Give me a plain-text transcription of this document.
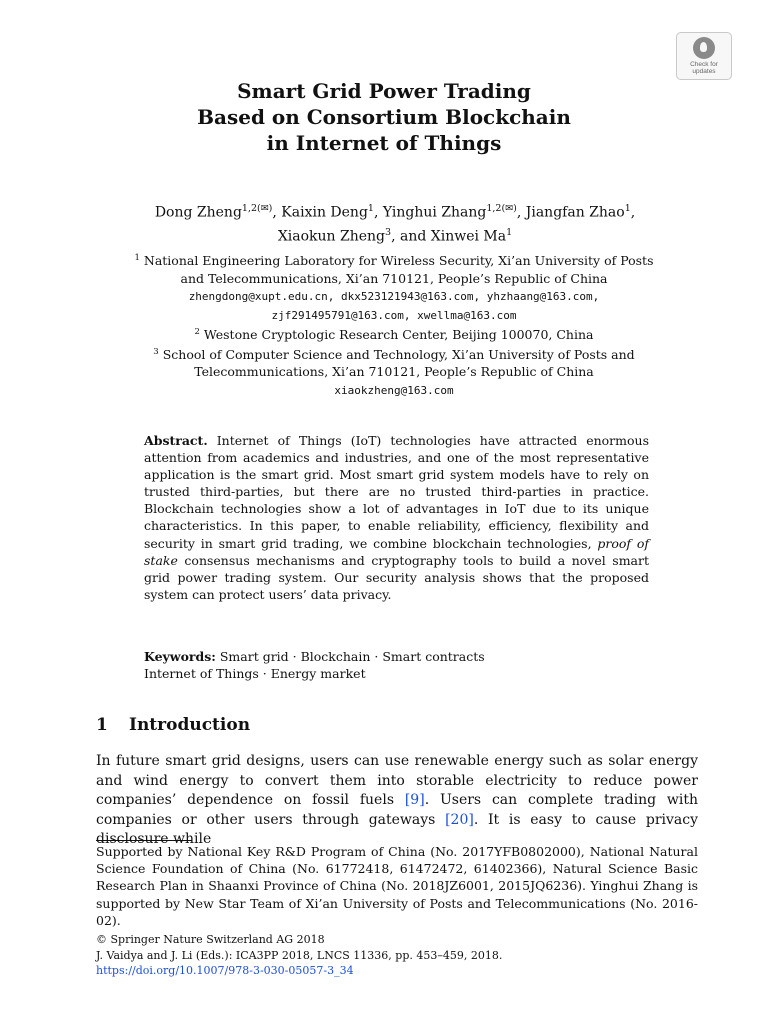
Check for
updates
Smart Grid Power Trading
Based on Consortium Blockchain
in Internet of Things
Dong Zheng$^{1,2(✉)}$, Kaixin Deng$^1$, Yinghui Zhang$^{1,2(✉)}$, Jiangfan Zhao$^1$,
Xiaokun Zheng$^3$, and Xinwei Ma$^1$
$^1$ National Engineering Laboratory for Wireless Security, Xi’an University of Posts
and Telecommunications, Xi’an 710121, People’s Republic of China
zhengdong@xupt.edu.cn, dkx523121943@163.com, yhzhaang@163.com,
zjf291495791@163.com, xwellma@163.com
$^2$ Westone Cryptologic Research Center, Beijing 100070, China
$^3$ School of Computer Science and Technology, Xi’an University of Posts and
Telecommunications, Xi’an 710121, People’s Republic of China
xiaokzheng@163.com
Abstract. Internet of Things (IoT) technologies have attracted enormous attention from academics and industries, and one of the most representative application is the smart grid. Most smart grid system models have to rely on trusted third-parties, but there are no trusted third-parties in practice. Blockchain technologies show a lot of advantages in IoT due to its unique characteristics. In this paper, to enable reliability, efficiency, flexibility and security in smart grid trading, we combine blockchain technologies, proof of stake consensus mechanisms and cryptography tools to build a novel smart grid power trading system. Our security analysis shows that the proposed system can protect users’ data privacy.
Keywords: Smart grid · Blockchain · Smart contracts
Internet of Things · Energy market
1 Introduction
In future smart grid designs, users can use renewable energy such as solar energy and wind energy to convert them into storable electricity to reduce power companies’ dependence on fossil fuels [9]. Users can complete trading with companies or other users through gateways [20]. It is easy to cause privacy disclosure while
Supported by National Key R&D Program of China (No. 2017YFB0802000), National Natural Science Foundation of China (No. 61772418, 61472472, 61402366), Natural Science Basic Research Plan in Shaanxi Province of China (No. 2018JZ6001, 2015JQ6236). Yinghui Zhang is supported by New Star Team of Xi’an University of Posts and Telecommunications (No. 2016-02).
© Springer Nature Switzerland AG 2018
J. Vaidya and J. Li (Eds.): ICA3PP 2018, LNCS 11336, pp. 453–459, 2018.
https://doi.org/10.1007/978-3-030-05057-3_34
